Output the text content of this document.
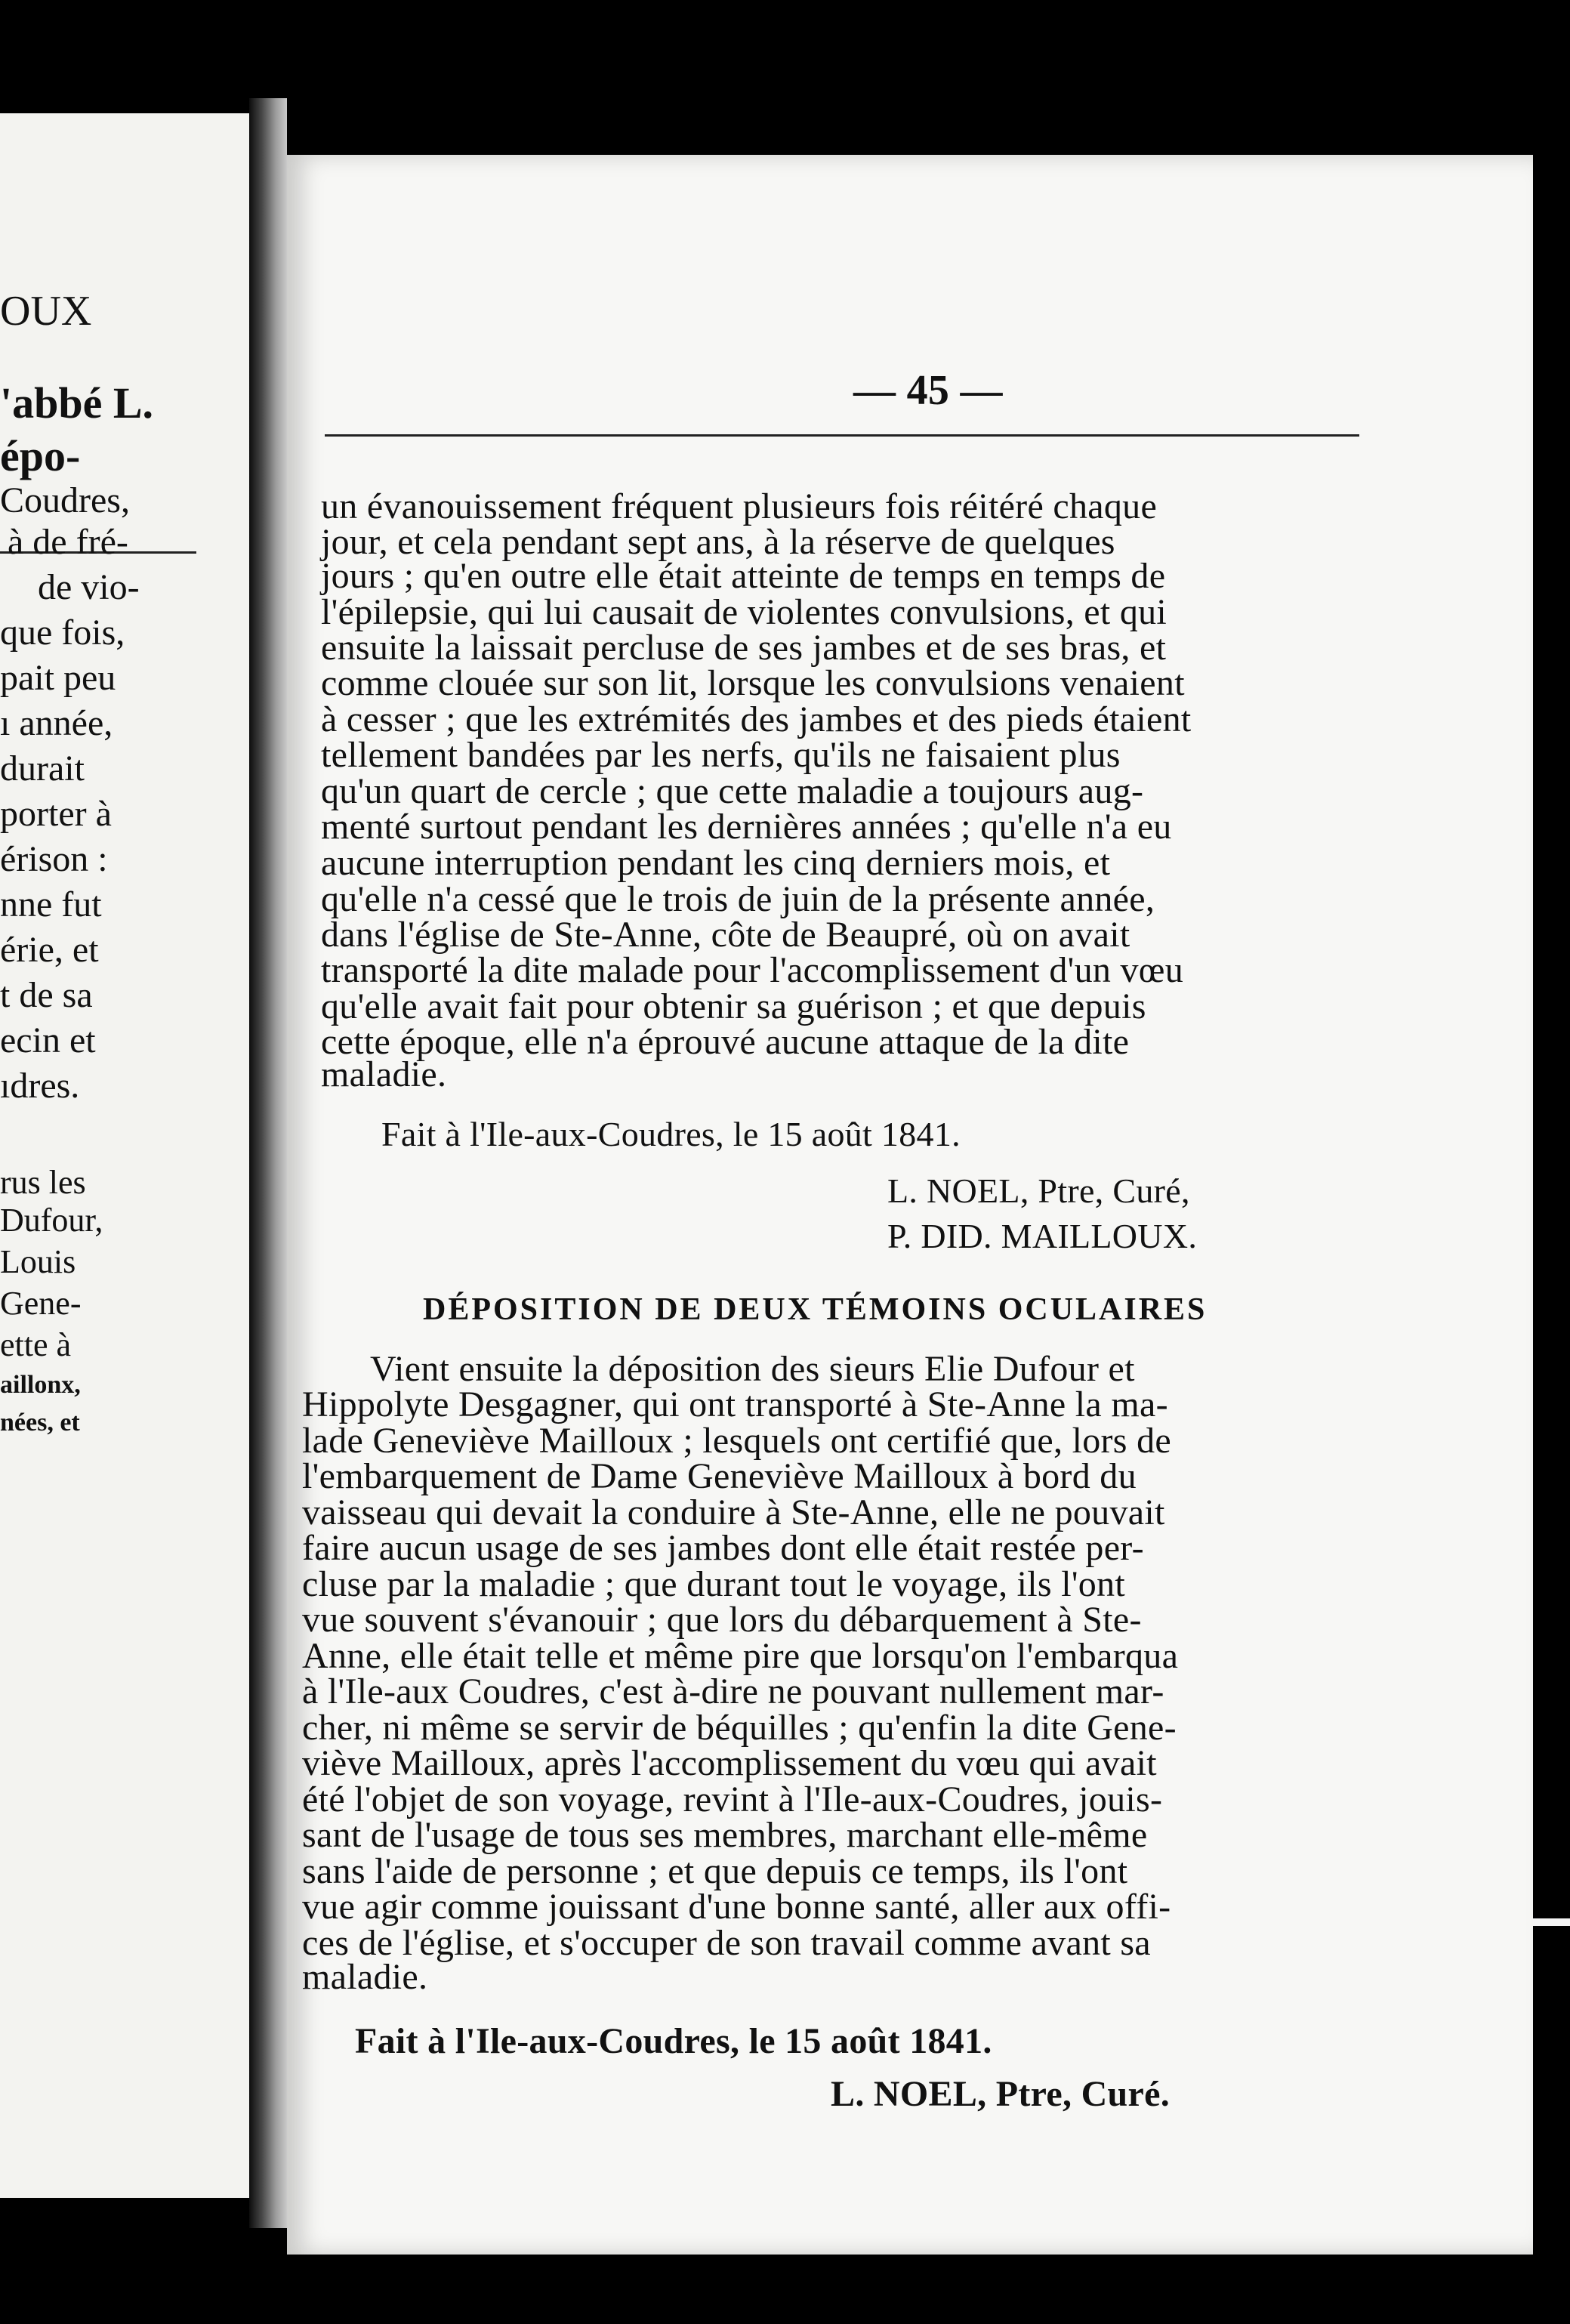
OUX
'abbé L.
épo-
Coudres,
à de fré-
de vio-
que fois,
pait peu
ı année,
durait
porter à
érison :
nne fut
érie, et
t de sa
ecin et
ıdres.
rus les
Dufour,
Louis
Gene-
ette à
aillonx,
nées, et
— 45 —
un évanouissement fréquent plusieurs fois réitéré chaque
jour, et cela pendant sept ans, à la réserve de quelques
jours ; qu'en outre elle était atteinte de temps en temps de
l'épilepsie, qui lui causait de violentes convulsions, et qui
ensuite la laissait percluse de ses jambes et de ses bras, et
comme clouée sur son lit, lorsque les convulsions venaient
à cesser ; que les extrémités des jambes et des pieds étaient
tellement bandées par les nerfs, qu'ils ne faisaient plus
qu'un quart de cercle ; que cette maladie a toujours aug-
menté surtout pendant les dernières années ; qu'elle n'a eu
aucune interruption pendant les cinq derniers mois, et
qu'elle n'a cessé que le trois de juin de la présente année,
dans l'église de Ste-Anne, côte de Beaupré, où on avait
transporté la dite malade pour l'accomplissement d'un vœu
qu'elle avait fait pour obtenir sa guérison ; et que depuis
cette époque, elle n'a éprouvé aucune attaque de la dite
maladie.
Fait à l'Ile-aux-Coudres, le 15 août 1841.
L. NOEL, Ptre, Curé,
P. DID. MAILLOUX.
DÉPOSITION DE DEUX TÉMOINS OCULAIRES
Vient ensuite la déposition des sieurs Elie Dufour et
Hippolyte Desgagner, qui ont transporté à Ste-Anne la ma-
lade Geneviève Mailloux ; lesquels ont certifié que, lors de
l'embarquement de Dame Geneviève Mailloux à bord du
vaisseau qui devait la conduire à Ste-Anne, elle ne pouvait
faire aucun usage de ses jambes dont elle était restée per-
cluse par la maladie ; que durant tout le voyage, ils l'ont
vue souvent s'évanouir ; que lors du débarquement à Ste-
Anne, elle était telle et même pire que lorsqu'on l'embarqua
à l'Ile-aux Coudres, c'est à-dire ne pouvant nullement mar-
cher, ni même se servir de béquilles ; qu'enfin la dite Gene-
viève Mailloux, après l'accomplissement du vœu qui avait
été l'objet de son voyage, revint à l'Ile-aux-Coudres, jouis-
sant de l'usage de tous ses membres, marchant elle-même
sans l'aide de personne ; et que depuis ce temps, ils l'ont
vue agir comme jouissant d'une bonne santé, aller aux offi-
ces de l'église, et s'occuper de son travail comme avant sa
maladie.
Fait à l'Ile-aux-Coudres, le 15 août 1841.
L. NOEL, Ptre, Curé.
